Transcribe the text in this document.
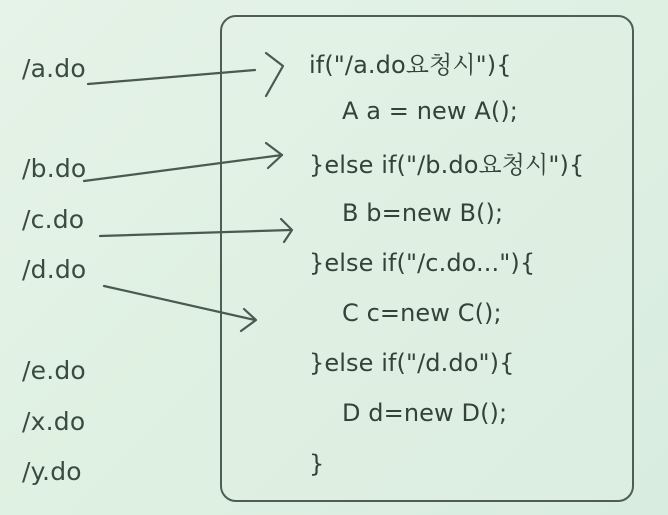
/a.do
/b.do
/c.do
/d.do
/e.do
/x.do
/y.do
if("/a.do요청시"){
A a = new A();
}else if("/b.do요청시"){
B b=new B();
}else if("/c.do..."){
C c=new C();
}else if("/d.do"){
D d=new D();
}
